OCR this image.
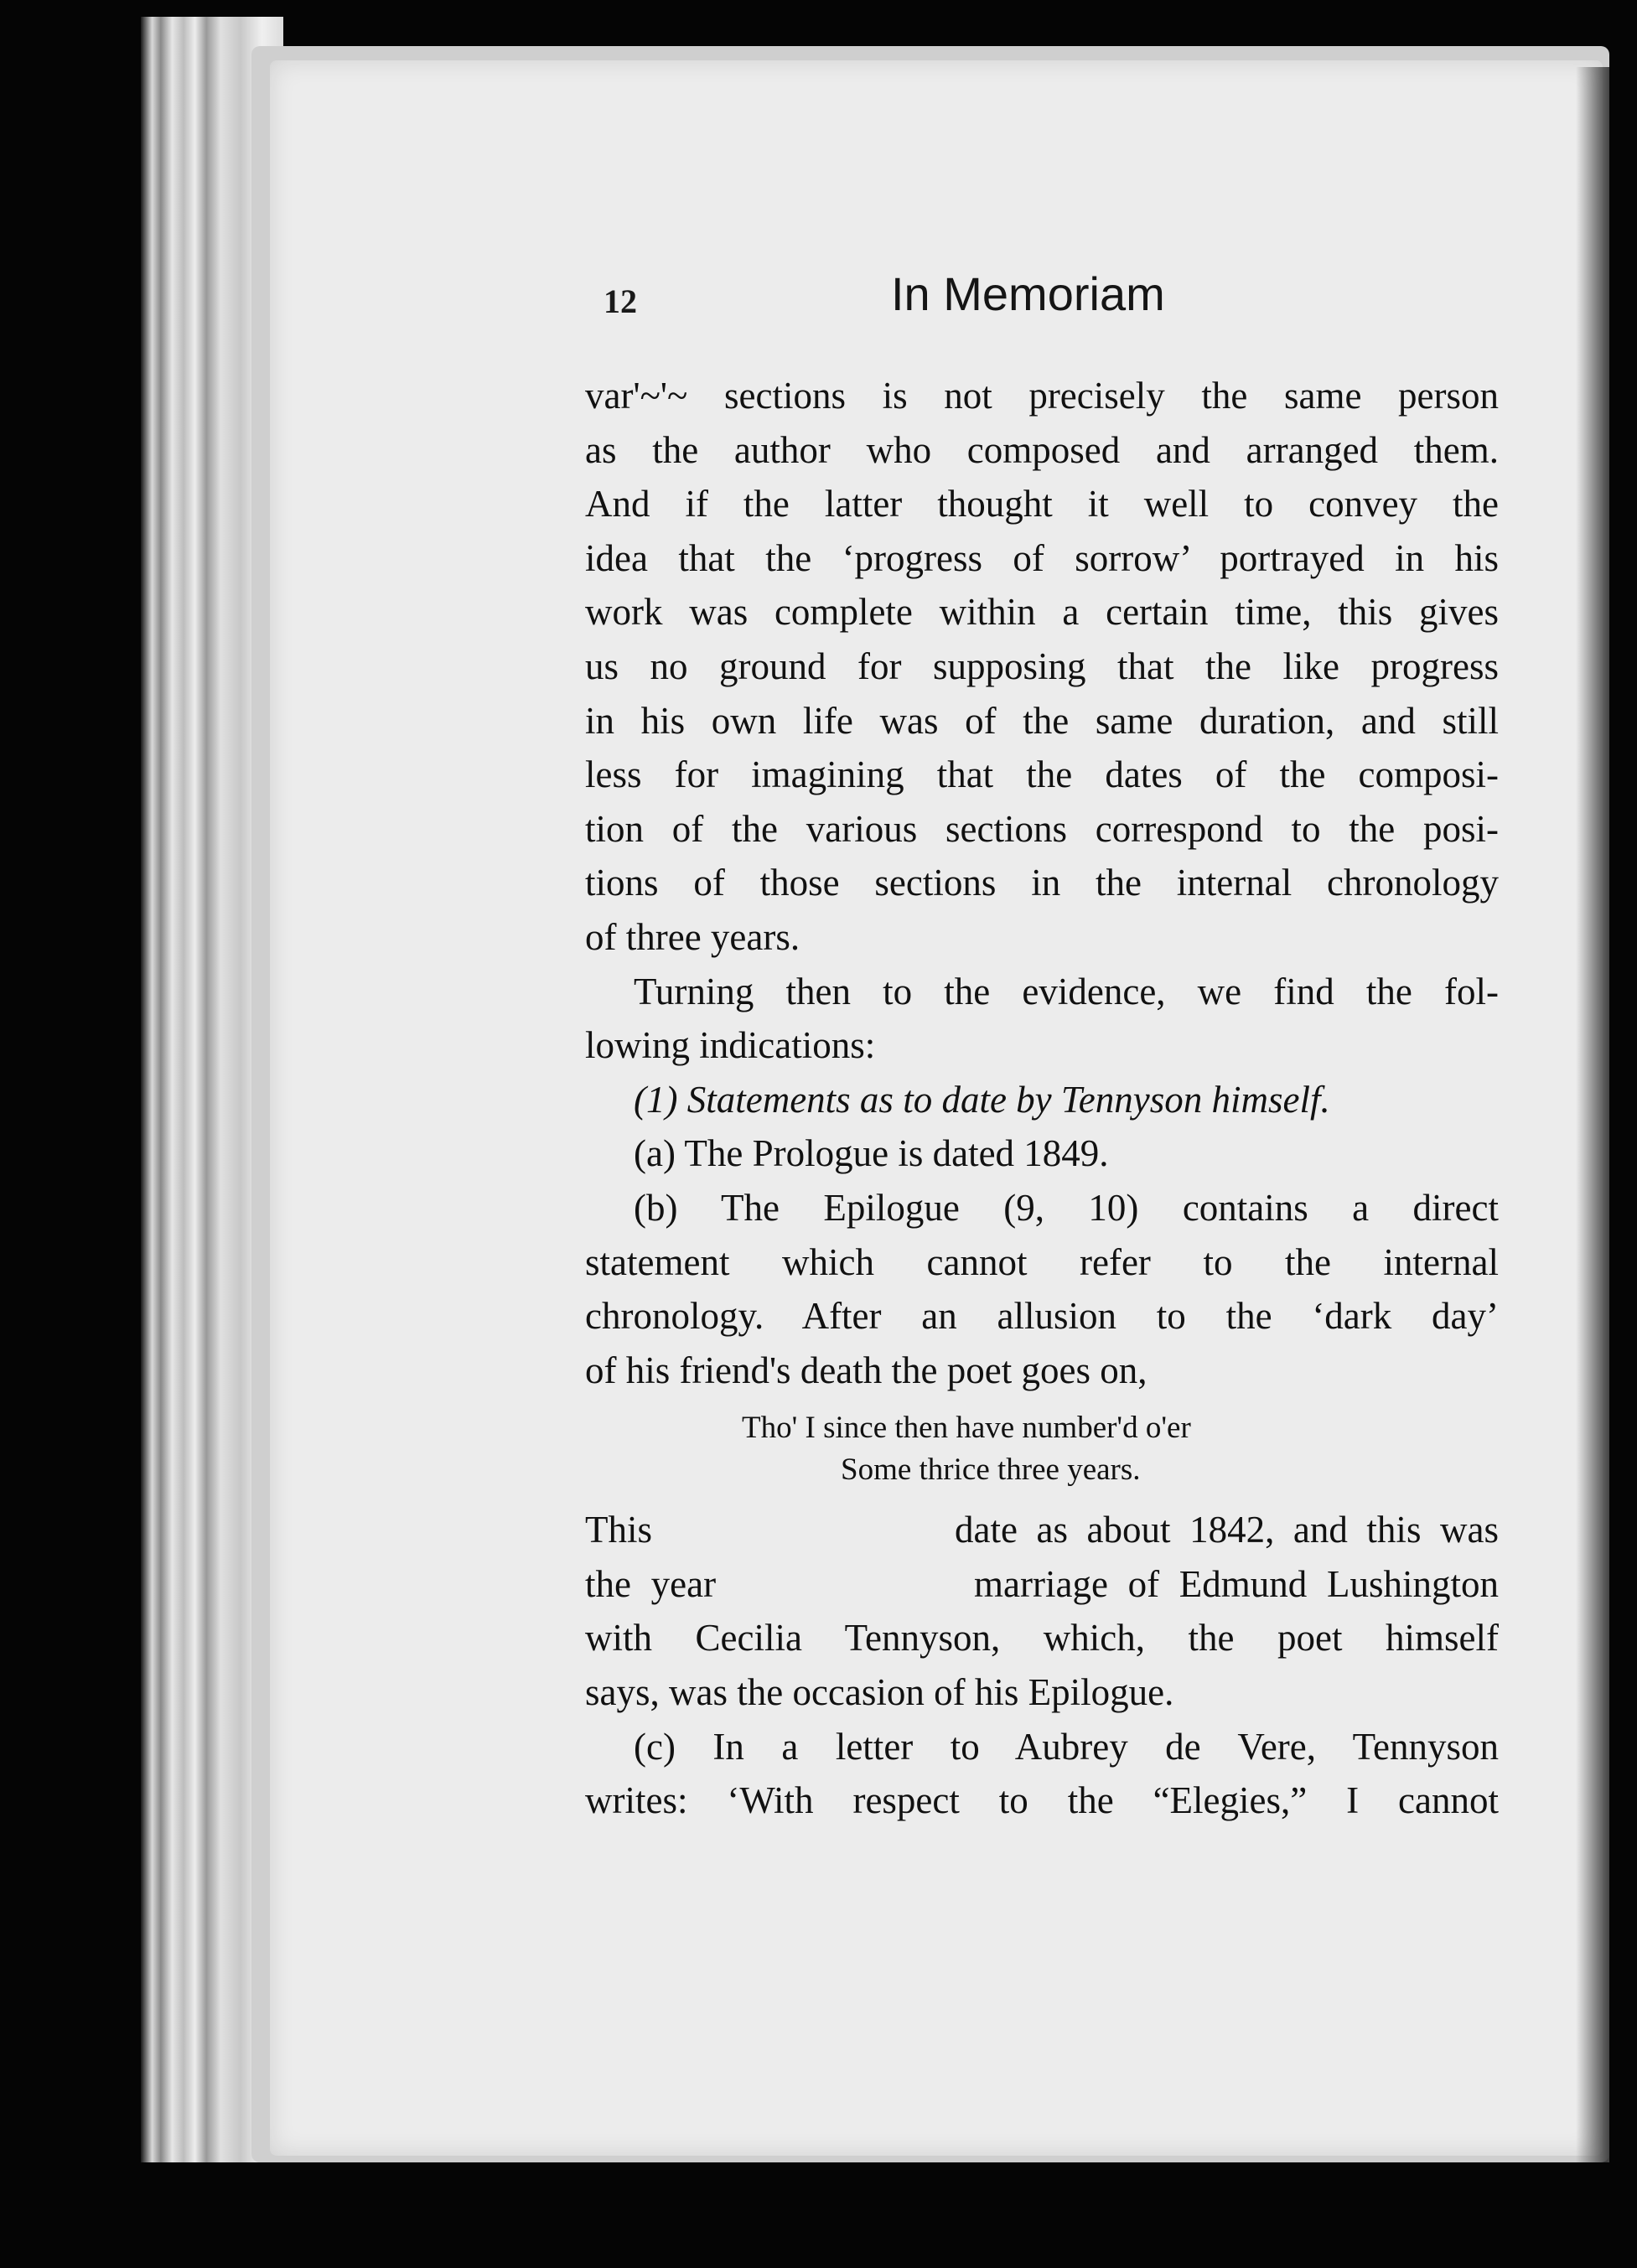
12	In Memoriam
var'~'~ sections is not precisely the same person
as the author who composed and arranged them.
And if the latter thought it well to convey the
idea that the ‘progress of sorrow’ portrayed in his
work was complete within a certain time, this gives
us no ground for supposing that the like progress
in his own life was of the same duration, and still
less for imagining that the dates of the composi-
tion of the various sections correspond to the posi-
tions of those sections in the internal chronology
of three years.
Turning then to the evidence, we find the fol-
lowing indications:
(1) Statements as to date by Tennyson himself.
(a) The Prologue is dated 1849.
(b) The Epilogue (9, 10) contains a direct
statement which cannot refer to the internal
chronology. After an allusion to the ‘dark day’
of his friend's death the poet goes on,
Tho' I since then have number'd o'er
Some thrice three years.
This                date as about 1842, and this was
the year             marriage of Edmund Lushington
with Cecilia Tennyson, which, the poet himself
says, was the occasion of his Epilogue.
(c) In a letter to Aubrey de Vere, Tennyson
writes: ‘With respect to the “Elegies,” I cannot
